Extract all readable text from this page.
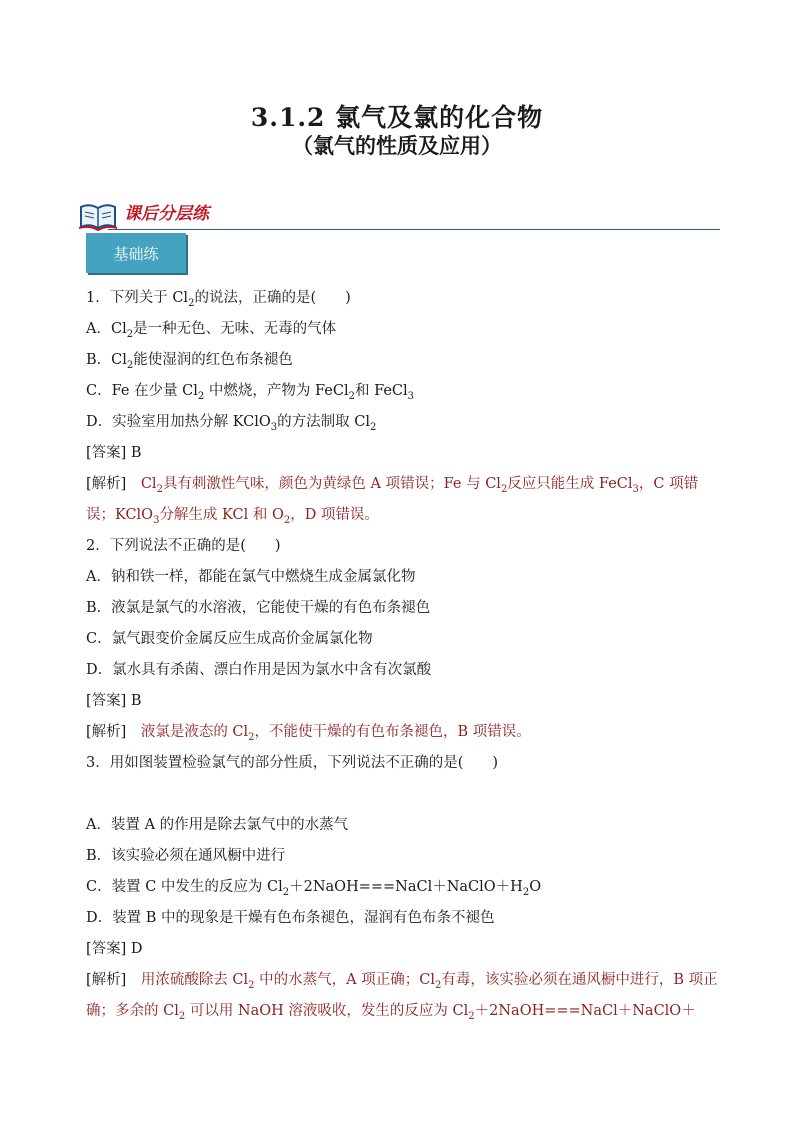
3.1.2 氯气及氯的化合物
（氯气的性质及应用）
课后分层练
基础练
1．下列关于 $Cl_2$的说法，正确的是(　　)
A．$Cl_2$是一种无色、无味、无毒的气体
B．$Cl_2$能使湿润的红色布条褪色
C．Fe 在少量 $Cl_2$ 中燃烧，产物为 FeCl$_2$和 FeCl$_3$
D．实验室用加热分解 KClO$_3$的方法制取 $Cl_2$
[答案] B
[解析]　$Cl_2$具有刺激性气味，颜色为黄绿色 A 项错误；Fe 与 $Cl_2$反应只能生成 FeCl$_3$，C 项错误；KClO$_3$分解生成 KCl 和 $O_2$，D 项错误。
2．下列说法不正确的是(　　)
A．钠和铁一样，都能在氯气中燃烧生成金属氯化物
B．液氯是氯气的水溶液，它能使干燥的有色布条褪色
C．氯气跟变价金属反应生成高价金属氯化物
D．氯水具有杀菌、漂白作用是因为氯水中含有次氯酸
[答案] B
[解析]　液氯是液态的 $Cl_2$，不能使干燥的有色布条褪色，B 项错误。
3．用如图装置检验氯气的部分性质，下列说法不正确的是(　　)
A．装置 A 的作用是除去氯气中的水蒸气
B．该实验必须在通风橱中进行
C．装置 C 中发生的反应为 $Cl_2+2NaOH===NaCl+NaClO+H_2O$
D．装置 B 中的现象是干燥有色布条褪色，湿润有色布条不褪色
[答案] D
[解析]　用浓硫酸除去 $Cl_2$ 中的水蒸气，A 项正确；$Cl_2$有毒，该实验必须在通风橱中进行，B 项正确；多余的 $Cl_2$ 可以用 NaOH 溶液吸收，发生的反应为 $Cl_2+2NaOH===NaCl+NaClO+$
